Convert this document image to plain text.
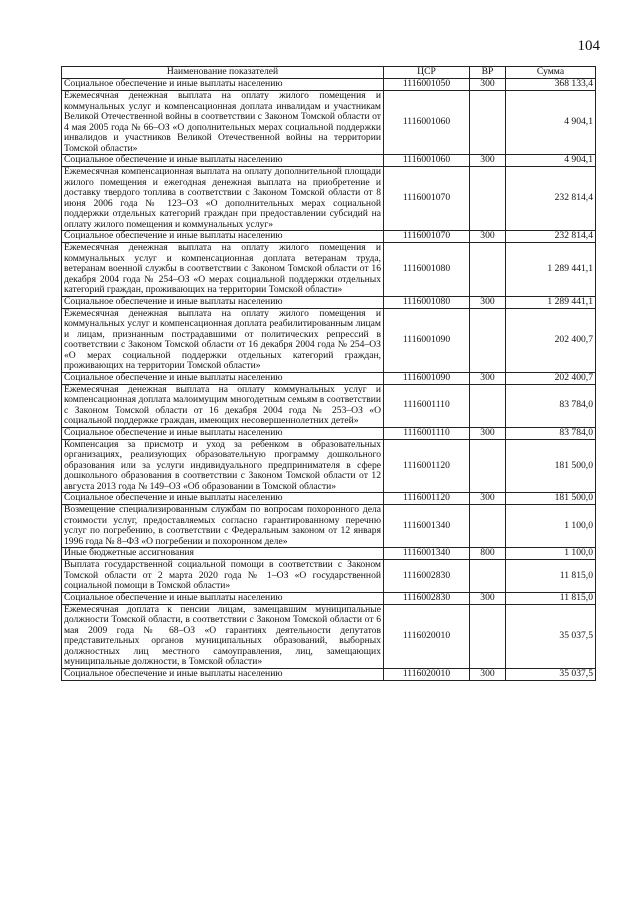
104
Наименование показателей	ЦСР	ВР	Сумма
Социальное обеспечение и иные выплаты населению	1116001050	300	368 133,4
Ежемесячная денежная выплата на оплату жилого помещения и коммунальных услуг и компенсационная доплата инвалидам и участникам Великой Отечественной войны в соответствии с Законом Томской области от 4 мая 2005 года № 66–ОЗ «О дополнительных мерах социальной поддержки инвалидов и участников Великой Отечественной войны на территории Томской области»	1116001060		4 904,1
Социальное обеспечение и иные выплаты населению	1116001060	300	4 904,1
Ежемесячная компенсационная выплата на оплату дополнительной площади жилого помещения и ежегодная денежная выплата на приобретение и доставку твердого топлива в соответствии с Законом Томской области от 8 июня 2006 года № 123–ОЗ «О дополнительных мерах социальной поддержки отдельных категорий граждан при предоставлении субсидий на оплату жилого помещения и коммунальных услуг»	1116001070		232 814,4
Социальное обеспечение и иные выплаты населению	1116001070	300	232 814,4
Ежемесячная денежная выплата на оплату жилого помещения и коммунальных услуг и компенсационная доплата ветеранам труда, ветеранам военной службы в соответствии с Законом Томской области от 16 декабря 2004 года № 254–ОЗ «О мерах социальной поддержки отдельных категорий граждан, проживающих на территории Томской области»	1116001080		1 289 441,1
Социальное обеспечение и иные выплаты населению	1116001080	300	1 289 441,1
Ежемесячная денежная выплата на оплату жилого помещения и коммунальных услуг и компенсационная доплата реабилитированным лицам и лицам, признанным пострадавшими от политических репрессий в соответствии с Законом Томской области от 16 декабря 2004 года № 254–ОЗ «О мерах социальной поддержки отдельных категорий граждан, проживающих на территории Томской области»	1116001090		202 400,7
Социальное обеспечение и иные выплаты населению	1116001090	300	202 400,7
Ежемесячная денежная выплата на оплату коммунальных услуг и компенсационная доплата малоимущим многодетным семьям в соответствии с Законом Томской области от 16 декабря 2004 года № 253–ОЗ «О социальной поддержке граждан, имеющих несовершеннолетних детей»	1116001110		83 784,0
Социальное обеспечение и иные выплаты населению	1116001110	300	83 784,0
Компенсация за присмотр и уход за ребенком в образовательных организациях, реализующих образовательную программу дошкольного образования или за услуги индивидуального предпринимателя в сфере дошкольного образования в соответствии с Законом Томской области от 12 августа 2013 года № 149–ОЗ «Об образовании в Томской области»	1116001120		181 500,0
Социальное обеспечение и иные выплаты населению	1116001120	300	181 500,0
Возмещение специализированным службам по вопросам похоронного дела стоимости услуг, предоставляемых согласно гарантированному перечню услуг по погребению, в соответствии с Федеральным законом от 12 января 1996 года № 8–ФЗ «О погребении и похоронном деле»	1116001340		1 100,0
Иные бюджетные ассигнования	1116001340	800	1 100,0
Выплата государственной социальной помощи в соответствии с Законом Томской области от 2 марта 2020 года № 1–ОЗ «О государственной социальной помощи в Томской области»	1116002830		11 815,0
Социальное обеспечение и иные выплаты населению	1116002830	300	11 815,0
Ежемесячная доплата к пенсии лицам, замещавшим муниципальные должности Томской области, в соответствии с Законом Томской области от 6 мая 2009 года № 68–ОЗ «О гарантиях деятельности депутатов представительных органов муниципальных образований, выборных должностных лиц местного самоуправления, лиц, замещающих муниципальные должности, в Томской области»	1116020010		35 037,5
Социальное обеспечение и иные выплаты населению	1116020010	300	35 037,5
